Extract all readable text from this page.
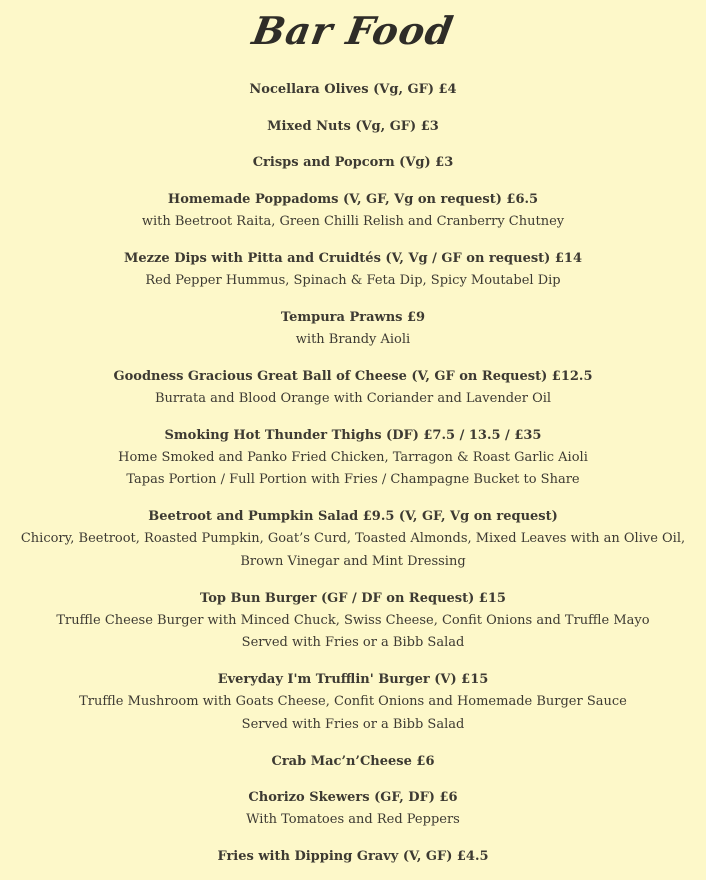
Bar Food
Nocellara Olives (Vg, GF) £4
Mixed Nuts (Vg, GF) £3
Crisps and Popcorn (Vg) £3
Homemade Poppadoms (V, GF, Vg on request) £6.5
with Beetroot Raita, Green Chilli Relish and Cranberry Chutney
Mezze Dips with Pitta and Cruidtés (V, Vg / GF on request) £14
Red Pepper Hummus, Spinach & Feta Dip, Spicy Moutabel Dip
Tempura Prawns £9
with Brandy Aioli
Goodness Gracious Great Ball of Cheese (V, GF on Request) £12.5
Burrata and Blood Orange with Coriander and Lavender Oil
Smoking Hot Thunder Thighs (DF) £7.5 / 13.5 / £35
Home Smoked and Panko Fried Chicken, Tarragon & Roast Garlic Aioli
Tapas Portion / Full Portion with Fries / Champagne Bucket to Share
Beetroot and Pumpkin Salad £9.5 (V, GF, Vg on request)
Chicory, Beetroot, Roasted Pumpkin, Goat’s Curd, Toasted Almonds, Mixed Leaves with an Olive Oil, Brown Vinegar and Mint Dressing
Top Bun Burger (GF / DF on Request) £15
Truffle Cheese Burger with Minced Chuck, Swiss Cheese, Confit Onions and Truffle Mayo
Served with Fries or a Bibb Salad
Everyday I'm Trufflin' Burger (V) £15
Truffle Mushroom with Goats Cheese, Confit Onions and Homemade Burger Sauce
Served with Fries or a Bibb Salad
Crab Mac’n’Cheese £6
Chorizo Skewers (GF, DF) £6
With Tomatoes and Red Peppers
Fries with Dipping Gravy (V, GF) £4.5
